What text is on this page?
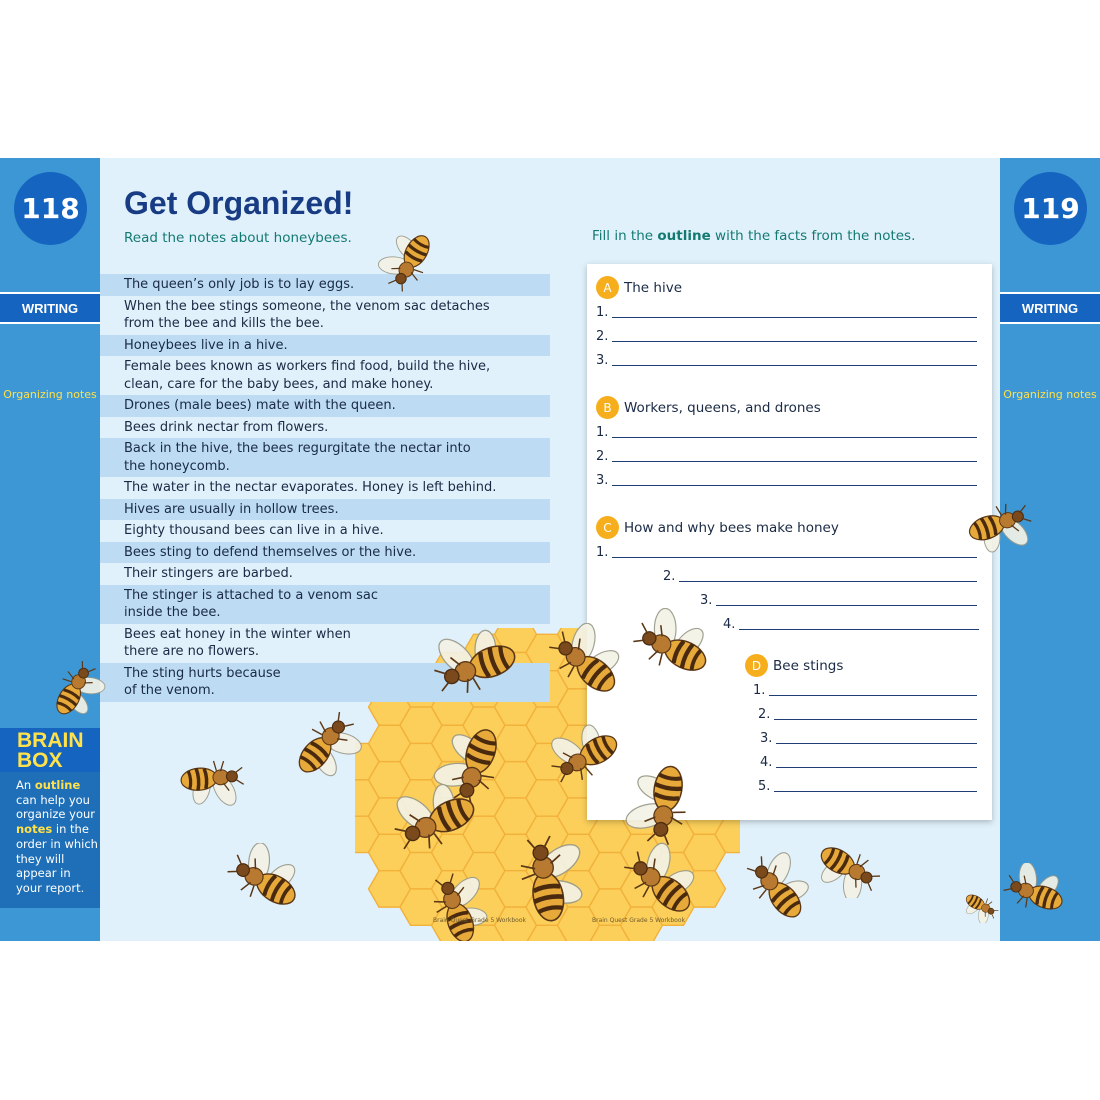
118
WRITING
Organizing notes
BRAIN
BOX
An outline can help you organize your notes in the order in which they will appear in your report.
119
WRITING
Organizing notes
Get Organized!
Read the notes about honeybees.	Fill in the outline with the facts from the notes.
The queen’s only job is to lay eggs.
When the bee stings someone, the venom sac detaches from the bee and kills the bee.
Honeybees live in a hive.
Female bees known as workers find food, build the hive, clean, care for the baby bees, and make honey.
Drones (male bees) mate with the queen.
Bees drink nectar from flowers.
Back in the hive, the bees regurgitate the nectar into the honeycomb.
The water in the nectar evaporates. Honey is left behind.
Hives are usually in hollow trees.
Eighty thousand bees can live in a hive.
Bees sting to defend themselves or the hive.
Their stingers are barbed.
The stinger is attached to a venom sac inside the bee.
Bees eat honey in the winter when there are no flowers.
The sting hurts because of the venom.
A The hive
1.
2.
3.
B Workers, queens, and drones
1.
2.
3.
C How and why bees make honey
1.
2.
3.
4.
D Bee stings
1.
2.
3.
4.
5.
Brain Quest Grade 5 Workbook	Brain Quest Grade 5 Workbook
